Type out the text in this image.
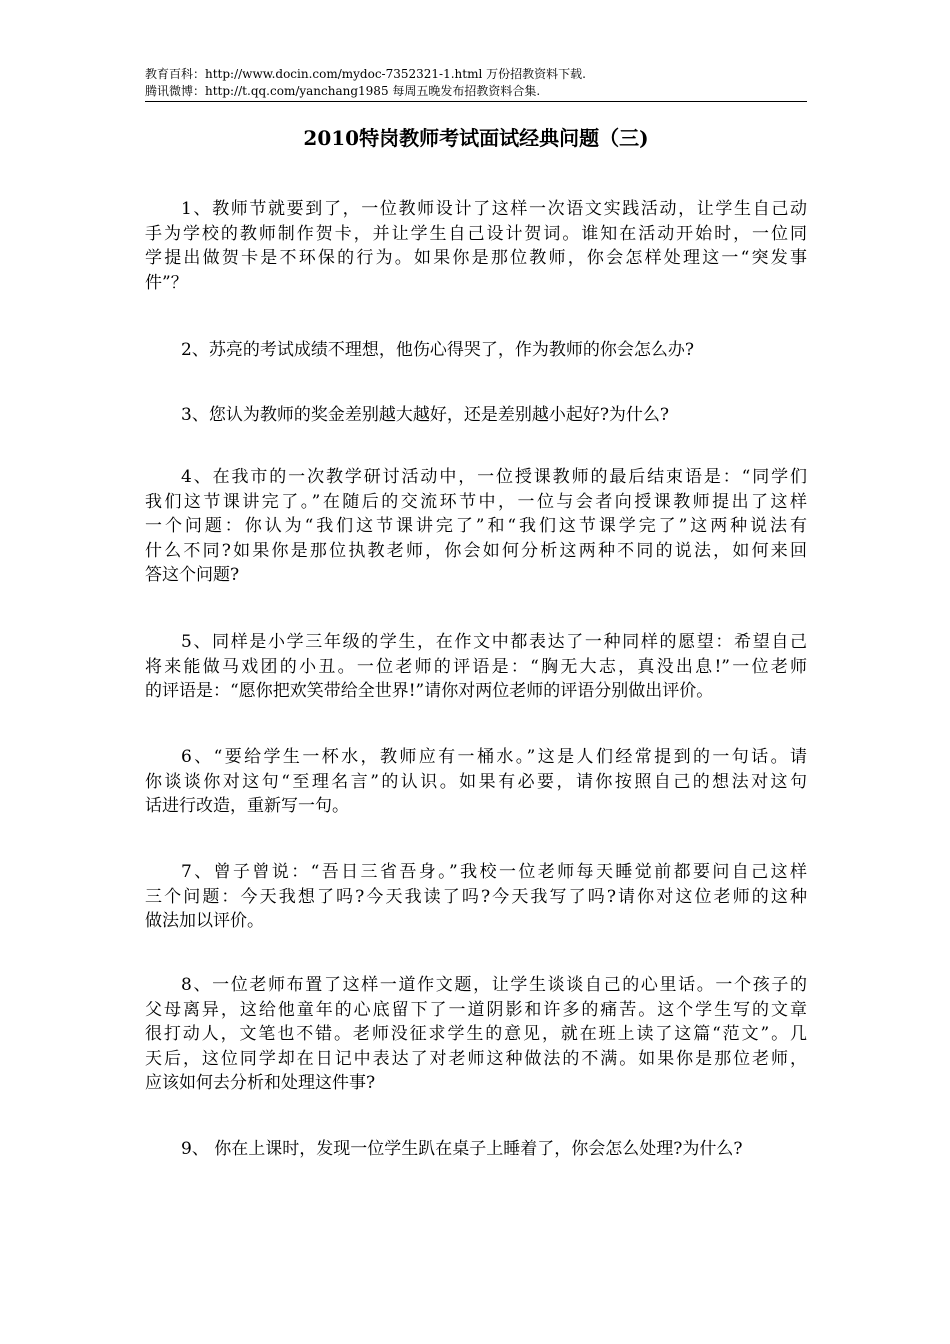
教育百科：http://www.docin.com/mydoc-7352321-1.html 万份招教资料下载.
腾讯微博：http://t.qq.com/yanchang1985 每周五晚发布招教资料合集.
2010特岗教师考试面试经典问题（三)
1、教师节就要到了，一位教师设计了这样一次语文实践活动，让学生自己动
手为学校的教师制作贺卡，并让学生自己设计贺词。谁知在活动开始时，一位同
学提出做贺卡是不环保的行为。如果你是那位教师，你会怎样处理这一“突发事
件”？
2、苏亮的考试成绩不理想，他伤心得哭了，作为教师的你会怎么办?
3、您认为教师的奖金差别越大越好，还是差别越小起好?为什么?
4、在我市的一次教学研讨活动中，一位授课教师的最后结束语是：“同学们
我们这节课讲完了。”在随后的交流环节中，一位与会者向授课教师提出了这样
一个问题：你认为“我们这节课讲完了”和“我们这节课学完了”这两种说法有
什么不同?如果你是那位执教老师，你会如何分析这两种不同的说法，如何来回
答这个问题?
5、同样是小学三年级的学生，在作文中都表达了一种同样的愿望：希望自己
将来能做马戏团的小丑。一位老师的评语是：“胸无大志，真没出息!”一位老师
的评语是：“愿你把欢笑带给全世界!”请你对两位老师的评语分别做出评价。
6、“要给学生一杯水，教师应有一桶水。”这是人们经常提到的一句话。请
你谈谈你对这句“至理名言”的认识。如果有必要，请你按照自己的想法对这句
话进行改造，重新写一句。
7、曾子曾说：“吾日三省吾身。”我校一位老师每天睡觉前都要问自己这样
三个问题：今天我想了吗?今天我读了吗?今天我写了吗?请你对这位老师的这种
做法加以评价。
8、一位老师布置了这样一道作文题，让学生谈谈自己的心里话。一个孩子的
父母离异，这给他童年的心底留下了一道阴影和许多的痛苦。这个学生写的文章
很打动人，文笔也不错。老师没征求学生的意见，就在班上读了这篇“范文”。几
天后，这位同学却在日记中表达了对老师这种做法的不满。如果你是那位老师，
应该如何去分析和处理这件事?
9、 你在上课时，发现一位学生趴在桌子上睡着了，你会怎么处理?为什么?
